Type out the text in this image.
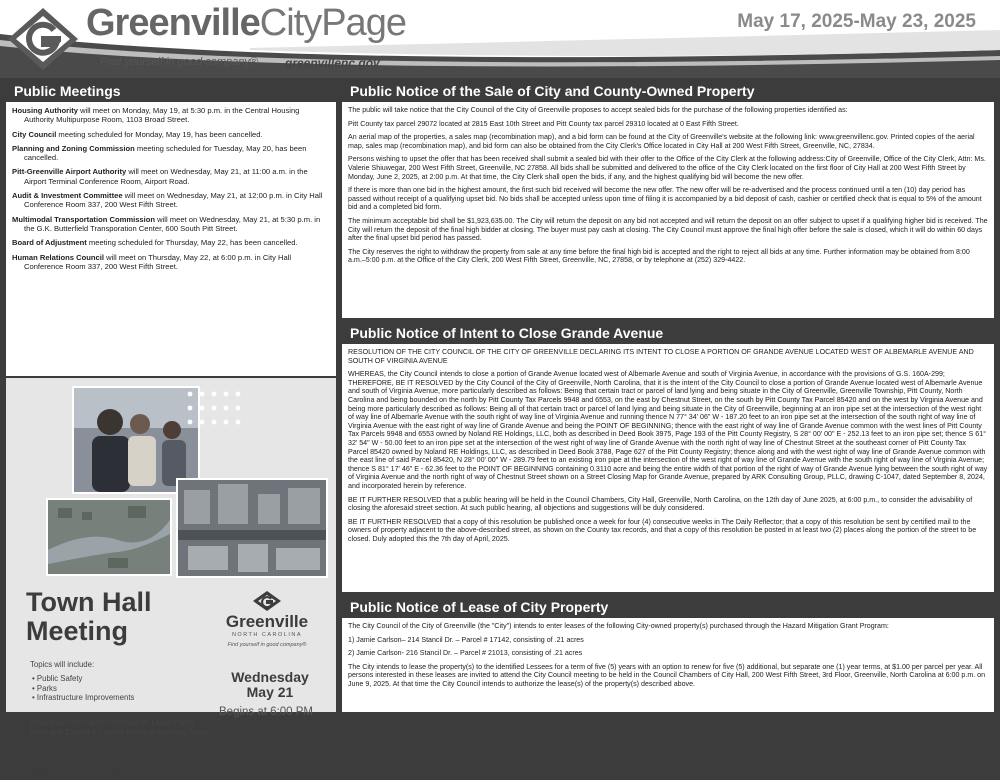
GreenvilleCityPage
Find yourself in good company® greenvillenc.gov
May 17, 2025-May 23, 2025
Public Meetings
Housing Authority will meet on Monday, May 19, at 5:30 p.m. in the Central Housing Authority Multipurpose Room, 1103 Broad Street.
City Council meeting scheduled for Monday, May 19, has been cancelled.
Planning and Zoning Commission meeting scheduled for Tuesday, May 20, has been cancelled.
Pitt-Greenville Airport Authority will meet on Wednesday, May 21, at 11:00 a.m. in the Airport Terminal Conference Room, Airport Road.
Audit & Investment Committee will meet on Wednesday, May 21, at 12:00 p.m. in City Hall Conference Room 337, 200 West Fifth Street.
Multimodal Transportation Commission will meet on Wednesday, May 21, at 5:30 p.m. in the G.K. Butterfield Transporation Center, 600 South Pitt Street.
Board of Adjustment meeting scheduled for Thursday, May 22, has been cancelled.
Human Relations Council will meet on Thursday, May 22, at 6:00 p.m. in City Hall Conference Room 337, 200 West Fifth Street.
Town Hall
Meeting	Greenville
NORTH CAROLINA
Find yourself in good company®
Topics will include:
• Public Safety
• Parks
• Infrastructure Improvements
Wednesday
May 21
Begins at 6:00 PM
Hosted by City Council Member At-Large Portia Willis and District 4 Council Member Matthew Scully
City Hall Council Chambers
200 West Fifth Street • Greenville
Public Notice of the Sale of City and County-Owned Property

The public will take notice that the City Council of the City of Greenville proposes to accept sealed bids for the purchase of the following properties identified as:

Pitt County tax parcel 29072 located at 2815 East 10th Street and Pitt County tax parcel 29310 located at 0 East Fifth Street.

An aerial map of the properties, a sales map (recombination map), and a bid form can be found at the City of Greenville's website at the following link: www.greenvillenc.gov. Printed copies of the aerial map, sales map (recombination map), and bid form can also be obtained from the City Clerk's Office located in City Hall at 200 West Fifth Street, Greenville, NC, 27834.

Persons wishing to upset the offer that has been received shall submit a sealed bid with their offer to the Office of the City Clerk at the following address:City of Greenville, Office of the City Clerk, Attn: Ms. Valerie Shiuwegar, 200 West Fifth Street, Greenville, NC 27858. All bids shall be submitted and delivered to the office of the City Clerk located on the first floor of City Hall at 200 West Fifth Street by Monday, June 2, 2025, at 2:00 p.m. At that time, the City Clerk shall open the bids, if any, and the highest qualifying bid will become the new offer.

If there is more than one bid in the highest amount, the first such bid received will become the new offer. The new offer will be re-advertised and the process continued until a ten (10) day period has passed without receipt of a qualifying upset bid. No bids shall be accepted unless upon time of filing it is accompanied by a bid deposit of cash, cashier or certified check that is equal to 5% of the amount bid and a completed bid form.

The minimum acceptable bid shall be $1,923,635.00. The City will return the deposit on any bid not accepted and will return the deposit on an offer subject to upset if a qualifying higher bid is received. The City will return the deposit of the final high bidder at closing. The buyer must pay cash at closing. The City Council must approve the final high offer before the sale is closed, which it will do within 60 days after the final upset bid period has passed.

The City reserves the right to withdraw the property from sale at any time before the final high bid is accepted and the right to reject all bids at any time. Further information may be obtained from 8:00 a.m.–5:00 p.m. at the Office of the City Clerk, 200 West Fifth Street, Greenville, NC, 27858, or by telephone at (252) 329-4422.

Public Notice of Intent to Close Grande Avenue

RESOLUTION OF THE CITY COUNCIL OF THE CITY OF GREENVILLE DECLARING ITS INTENT TO CLOSE A PORTION OF GRANDE AVENUE LOCATED WEST OF ALBEMARLE AVENUE AND SOUTH OF VIRGINIA AVENUE

WHEREAS, the City Council intends to close a portion of Grande Avenue located west of Albemarle Avenue and south of Virginia Avenue, in accordance with the provisions of G.S. 160A-299; THEREFORE, BE IT RESOLVED by the City Council of the City of Greenville, North Carolina, that it is the intent of the City Council to close a portion of Grande Avenue located west of Albemarle Avenue and south of Virginia Avenue, more particularly described as follows: Being that certain tract or parcel of land lying and being situate in the City of Greenville, Greenville Township, Pitt County, North Carolina and being bounded on the north by Pitt County Tax Parcels 9948 and 6553, on the east by Chestnut Street, on the south by Pitt County Tax Parcel 85420 and on the west by Virginia Avenue and being more particularly described as follows: Being all of that certain tract or parcel of land lying and being situate in the City of Greenville, beginning at an iron pipe set at the intersection of the west right of way line of Albemarle Avenue with the south right of way line of Virginia Avenue and running thence N 77° 34' 06" W - 187.20 feet to an iron pipe set at the intersection of the south right of way line of Virginia Avenue with the east right of way line of Grande Avenue and being the POINT OF BEGINNING; thence with the east right of way line of Grande Avenue common with the west lines of Pitt County Tax Parcels 9948 and 6553 owned by Noland RE Holdings, LLC, both as described in Deed Book 3975, Page 193 of the Pitt County Registry, S 28° 00' 00" E - 252.13 feet to an iron pipe set; thence S 61° 32' 54" W - 50.00 feet to an iron pipe set at the intersection of the west right of way line of Grande Avenue with the north right of way line of Chestnut Street at the southeast corner of Pitt County Tax Parcel 85420 owned by Noland RE Holdings, LLC, as described in Deed Book 3788, Page 627 of the Pitt County Registry; thence along and with the west right of way line of Grande Avenue common with the east line of said Parcel 85420, N 28° 00' 00" W - 289.79 feet to an existing iron pipe at the intersection of the west right of way line of Grande Avenue with the south right of way line of Virginia Avenue; thence S 81° 17' 46" E - 62.36 feet to the POINT OF BEGINNING containing 0.3110 acre and being the entire width of that portion of the right of way of Grande Avenue lying between the south right of way of Virginia Avenue and the north right of way of Chestnut Street shown on a Street Closing Map for Grande Avenue, prepared by ARK Consulting Group, PLLC, drawing C-1047, dated September 8, 2024, and incorporated herein by reference.

BE IT FURTHER RESOLVED that a public hearing will be held in the Council Chambers, City Hall, Greenville, North Carolina, on the 12th day of June 2025, at 6:00 p.m., to consider the advisability of closing the aforesaid street section. At such public hearing, all objections and suggestions will be duly considered.

BE IT FURTHER RESOLVED that a copy of this resolution be published once a week for four (4) consecutive weeks in The Daily Reflector; that a copy of this resolution be sent by certified mail to the owners of property adjacent to the above-described street, as shown on the County tax records, and that a copy of this resolution be posted in at least two (2) places along the portion of the street to be closed. Duly adopted this the 7th day of April, 2025.

Public Notice of Lease of City Property

The City Council of the City of Greenville (the "City") intends to enter leases of the following City-owned property(s) purchased through the Hazard Mitigation Grant Program:

1) Jamie Carlson– 214 Stancil Dr. – Parcel # 17142, consisting of .21 acres

2) Jamie Carlson- 216 Stancil Dr. – Parcel # 21013, consisting of .21 acres

The City intends to lease the property(s) to the identified Lessees for a term of five (5) years with an option to renew for five (5) additional, but separate one (1) year terms, at $1.00 per parcel per year. All persons interested in these leases are invited to attend the City Council meeting to be held in the Council Chambers of City Hall, 200 West Fifth Street, 3rd Floor, Greenville, North Carolina at 6:00 p.m. on June 9, 2025. At that time the City Council intends to authorize the lease(s) of the property(s) described above.
